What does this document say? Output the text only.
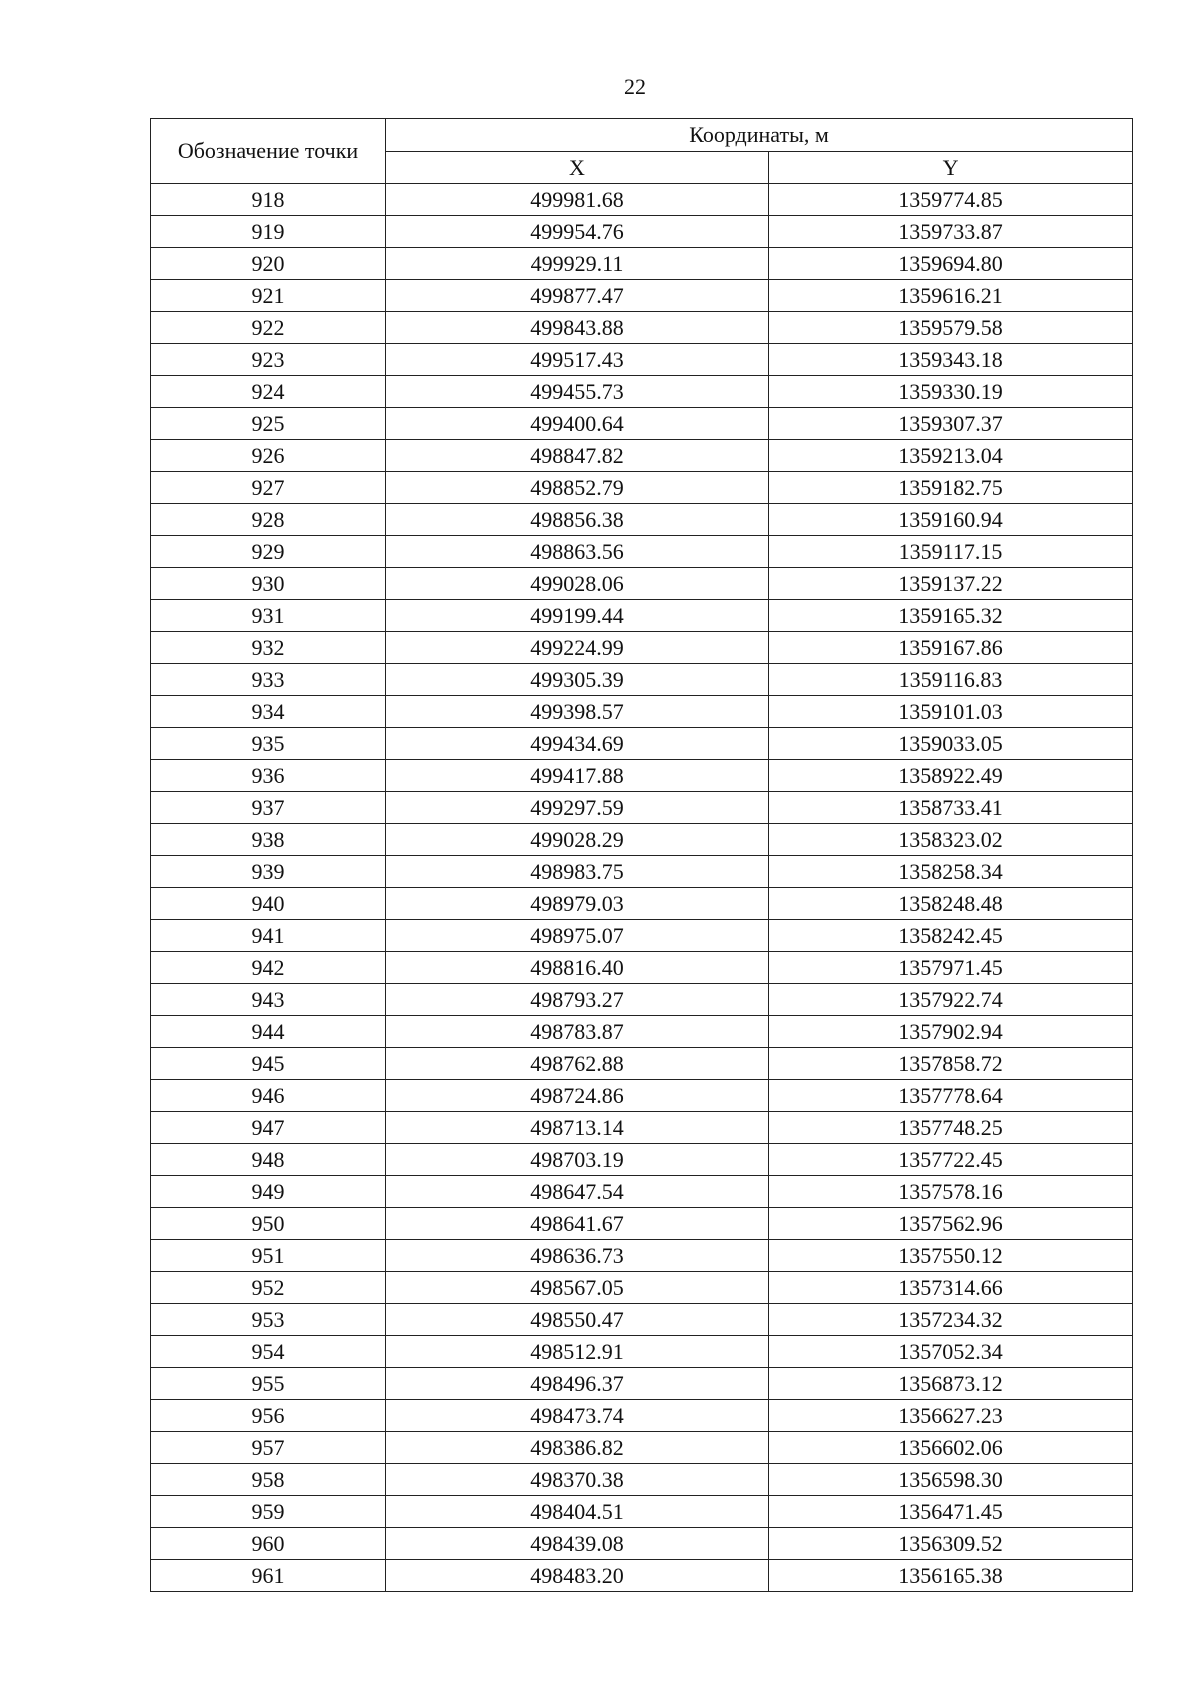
22
Обозначение точки	Координаты, м	
	X	Y
918	499981.68	1359774.85
919	499954.76	1359733.87
920	499929.11	1359694.80
921	499877.47	1359616.21
922	499843.88	1359579.58
923	499517.43	1359343.18
924	499455.73	1359330.19
925	499400.64	1359307.37
926	498847.82	1359213.04
927	498852.79	1359182.75
928	498856.38	1359160.94
929	498863.56	1359117.15
930	499028.06	1359137.22
931	499199.44	1359165.32
932	499224.99	1359167.86
933	499305.39	1359116.83
934	499398.57	1359101.03
935	499434.69	1359033.05
936	499417.88	1358922.49
937	499297.59	1358733.41
938	499028.29	1358323.02
939	498983.75	1358258.34
940	498979.03	1358248.48
941	498975.07	1358242.45
942	498816.40	1357971.45
943	498793.27	1357922.74
944	498783.87	1357902.94
945	498762.88	1357858.72
946	498724.86	1357778.64
947	498713.14	1357748.25
948	498703.19	1357722.45
949	498647.54	1357578.16
950	498641.67	1357562.96
951	498636.73	1357550.12
952	498567.05	1357314.66
953	498550.47	1357234.32
954	498512.91	1357052.34
955	498496.37	1356873.12
956	498473.74	1356627.23
957	498386.82	1356602.06
958	498370.38	1356598.30
959	498404.51	1356471.45
960	498439.08	1356309.52
961	498483.20	1356165.38
